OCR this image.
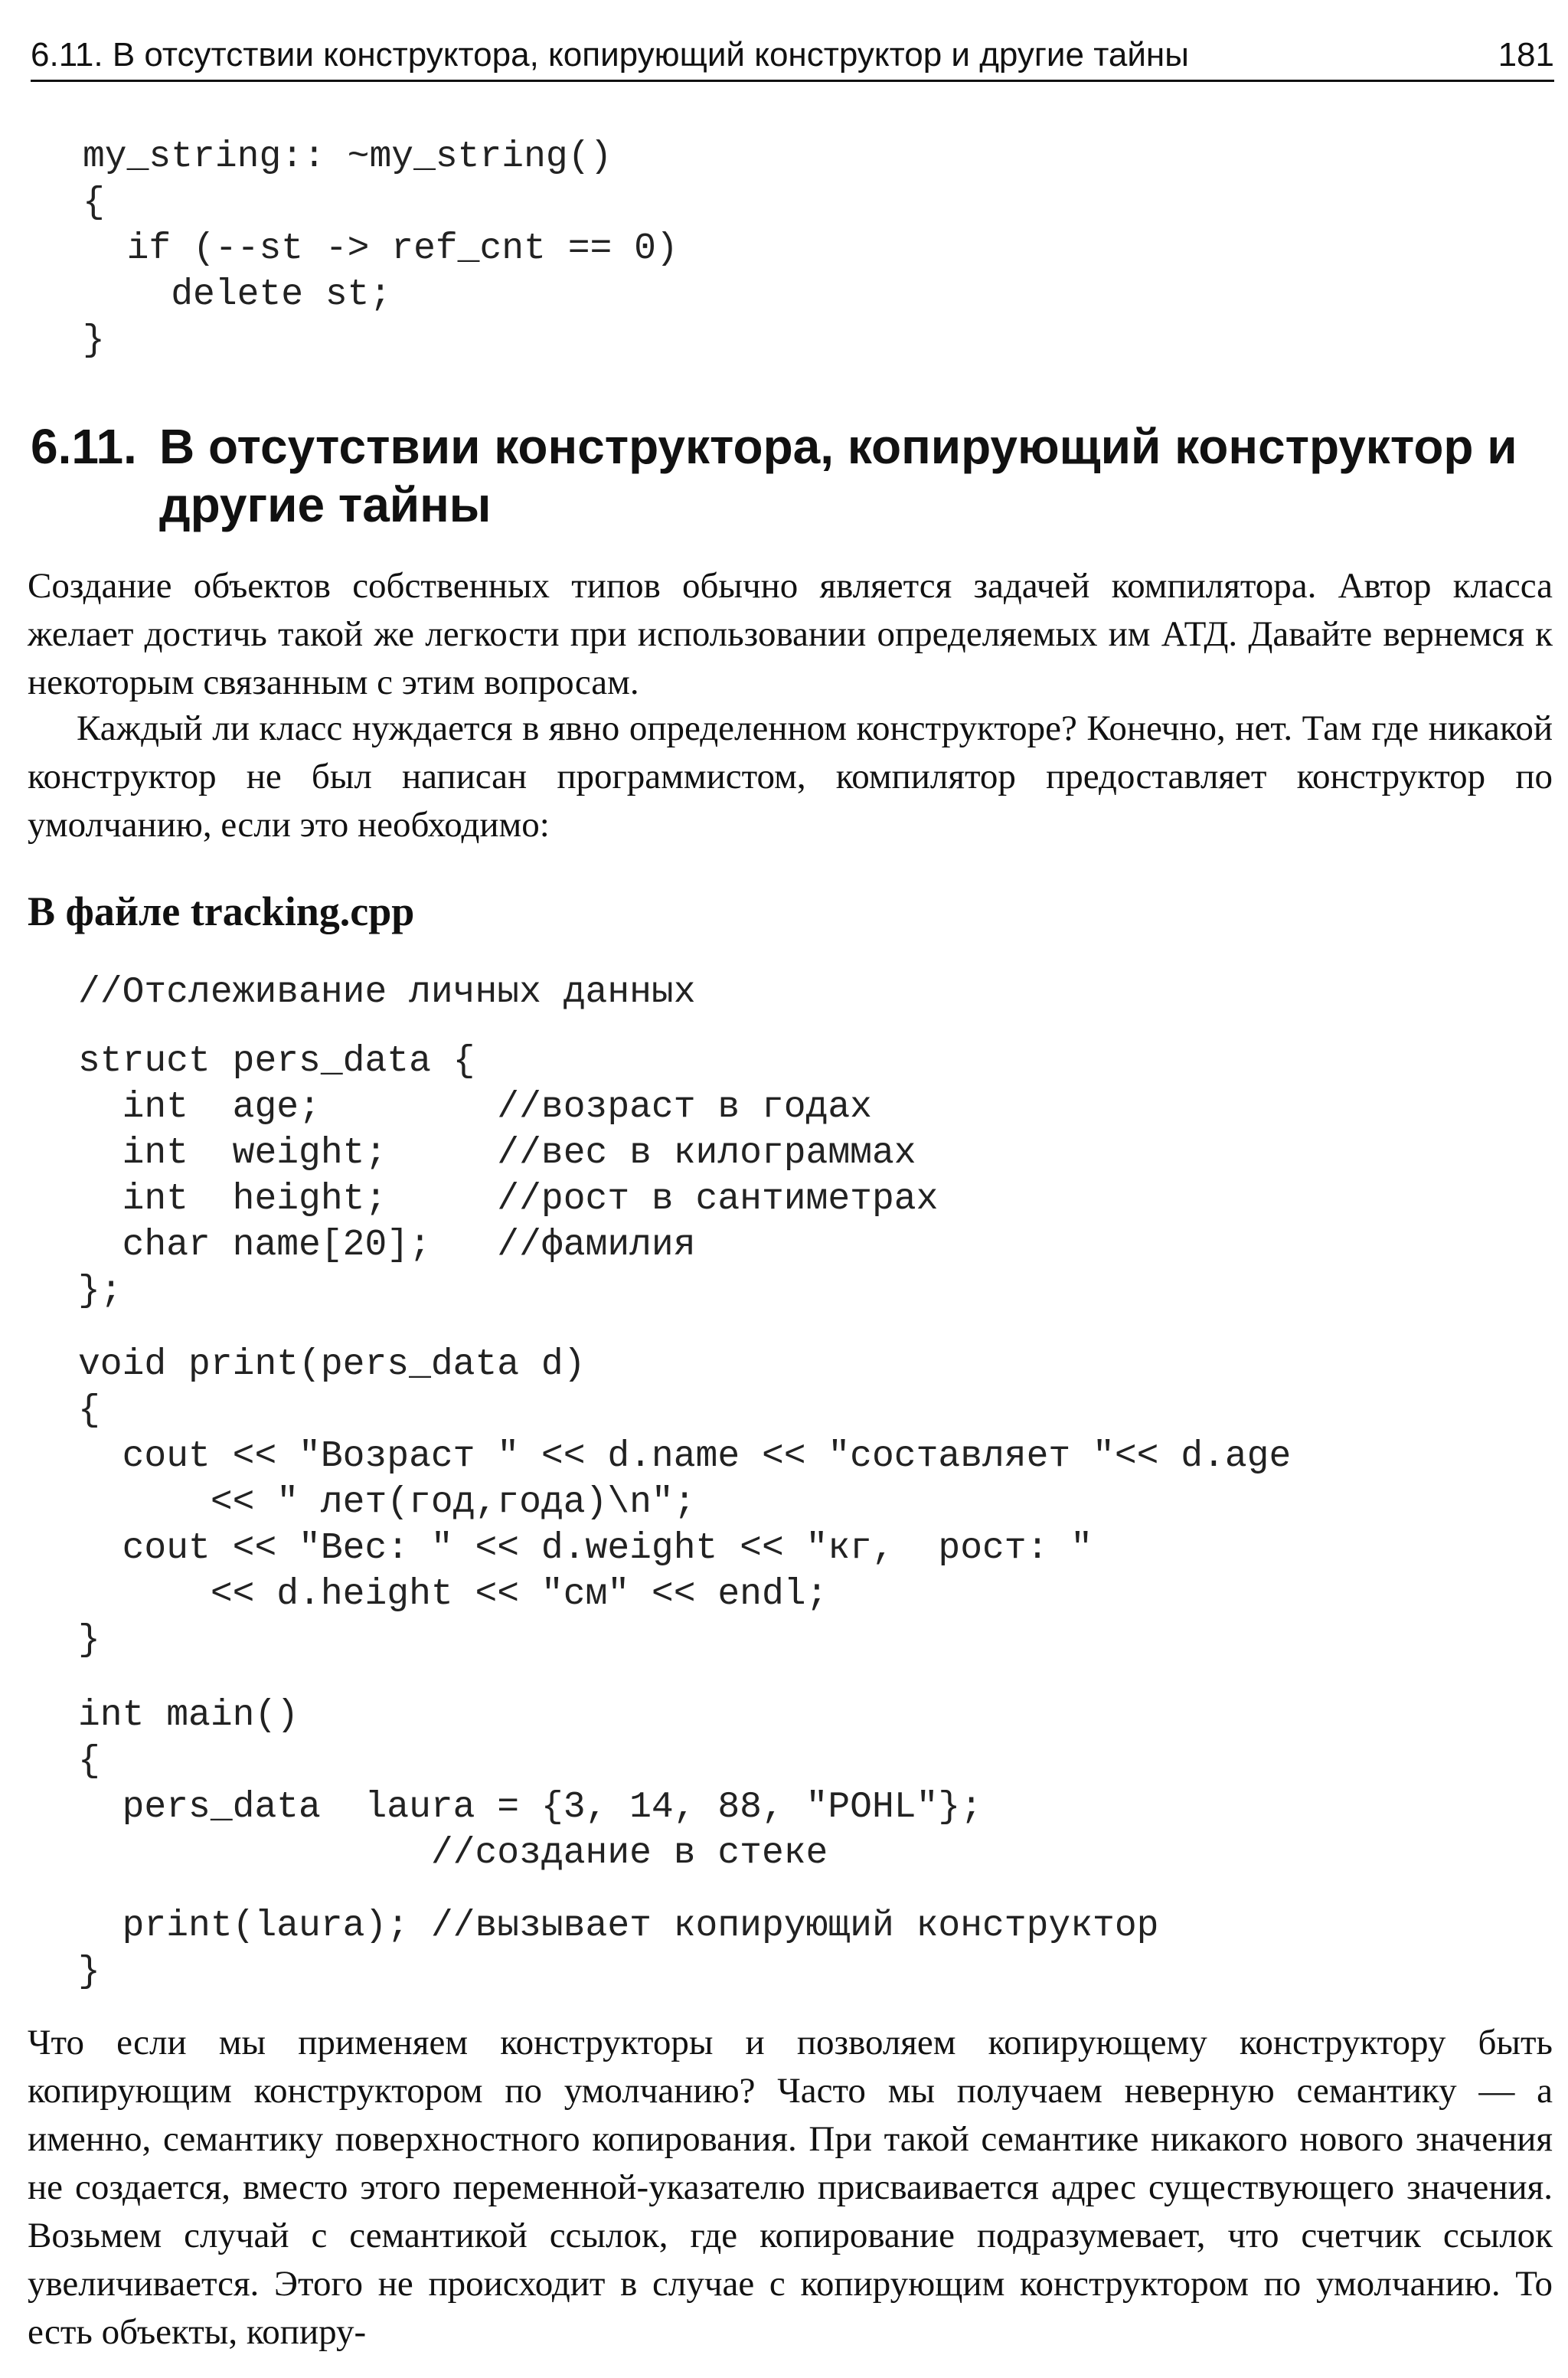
6.11. В отсутствии конструктора, копирующий конструктор и другие тайны	181
my_string:: ~my_string()
{
if (--st -> ref_cnt == 0)
delete st;
}
6.11. В отсутствии конструктора, копирующий конструктор и другие тайны

Создание объектов собственных типов обычно является задачей компилятора. Автор класса желает достичь такой же легкости при использовании определяемых им АТД. Давайте вернемся к некоторым связанным с этим вопросам.

Каждый ли класс нуждается в явно определенном конструкторе? Конечно, нет. Там где никакой конструктор не был написан программистом, компилятор предоставляет конструктор по умолчанию, если это необходимо:

В файле tracking.cpp
//Отслеживание личных данных
struct pers_data {
int  age;        //возраст в годах
int  weight;     //вес в килограммах
int  height;     //рост в сантиметрах
char name[20];   //фамилия
};
void print(pers_data d)
{
cout << "Возраст " << d.name << "составляет "<< d.age
<< " лет(год,года)\n";
cout << "Вес: " << d.weight << "кг,  рост: "
<< d.height << "см" << endl;
}
int main()
{
pers_data  laura = {3, 14, 88, "POHL"};
//создание в стеке
print(laura); //вызывает копирующий конструктор
}

Что если мы применяем конструкторы и позволяем копирующему конструктору быть копирующим конструктором по умолчанию? Часто мы получаем неверную семантику — а именно, семантику поверхностного копирования. При такой семантике никакого нового значения не создается, вместо этого переменной-указателю присваивается адрес существующего значения. Возьмем случай с семантикой ссылок, где копирование подразумевает, что счетчик ссылок увеличивается. Этого не происходит в случае с копирующим конструктором по умолчанию. То есть объекты, копиру-
